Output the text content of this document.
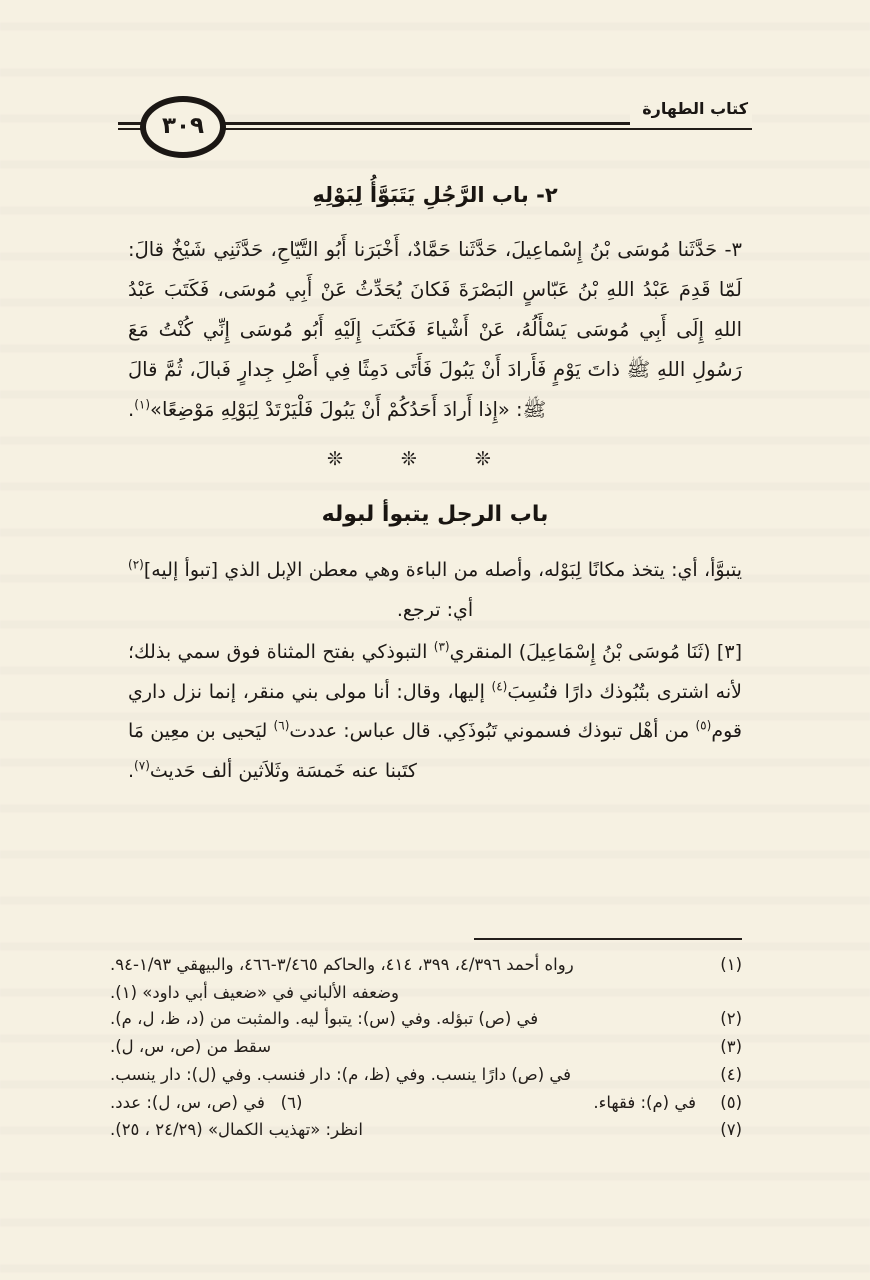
٣٠٩
كتاب الطهارة
٢- باب الرَّجُلِ يَتَبَوَّأُ لِبَوْلِهِ

٣- حَدَّثَنا مُوسَى بْنُ إِسْماعِيلَ، حَدَّثَنا حَمَّادٌ، أَخْبَرَنا أَبُو التَّيّاحِ، حَدَّثَنِي شَيْخٌ قالَ: لَمّا قَدِمَ عَبْدُ اللهِ بْنُ عَبّاسٍ البَصْرَةَ فَكانَ يُحَدِّثُ عَنْ أَبِي مُوسَى، فَكَتَبَ عَبْدُ اللهِ إِلَى أَبِي مُوسَى يَسْأَلُهُ، عَنْ أَشْياءَ فَكَتَبَ إِلَيْهِ أَبُو مُوسَى إِنِّي كُنْتُ مَعَ رَسُولِ اللهِ ﷺ ذاتَ يَوْمٍ فَأَرادَ أَنْ يَبُولَ فَأَتَى دَمِثًا فِي أَصْلِ جِدارٍ فَبالَ، ثُمَّ قالَ ﷺ: «إِذا أَرادَ أَحَدُكُمْ أَنْ يَبُولَ فَلْيَرْتَدْ لِبَوْلِهِ مَوْضِعًا»$^{(١)}$.

❊ ❊ ❊
باب الرجل يتبوأ لبوله

يتبوَّأ، أي: يتخذ مكانًا لِبَوْله، وأصله من الباءة وهي معطن الإبل الذي [تبوأ إليه]$^{(٢)}$ أي: ترجع.

[٣] (ثَنَا مُوسَى بْنُ إِسْمَاعِيلَ) المنقري$^{(٣)}$ التبوذكي بفتح المثناة فوق سمي بذلك؛ لأنه اشترى بتُبُوذك دارًا فنُسِبَ$^{(٤)}$ إليها، وقال: أنا مولى بني منقر، إنما نزل داري قوم$^{(٥)}$ من أهْل تبوذك فسموني تَبُوذَكِي. قال عباس: عددت$^{(٦)}$ ليَحيى بن معِين مَا كتَبنا عنه خَمسَة وثَلاَثين ألف حَديث$^{(٧)}$.

(١)
رواه أحمد ٤/٣٩٦، ٣٩٩، ٤١٤، والحاكم ٣/٤٦٥-٤٦٦، والبيهقي ١/٩٣-٩٤.
وضعفه الألباني في «ضعيف أبي داود» (١).
(٢)
في (ص) تبؤله. وفي (س): يتبوأ ليه. والمثبت من (د، ظ، ل، م).
(٣)
سقط من (ص، س، ل).
(٤)
في (ص) دارًا ينسب. وفي (ظ، م): دار فنسب. وفي (ل): دار ينسب.
(٥)
في (م): فقهاء.
(٦)   في (ص، س، ل): عدد.
(٧)
انظر: «تهذيب الكمال» (٢٤/٢٩ ، ٢٥).
